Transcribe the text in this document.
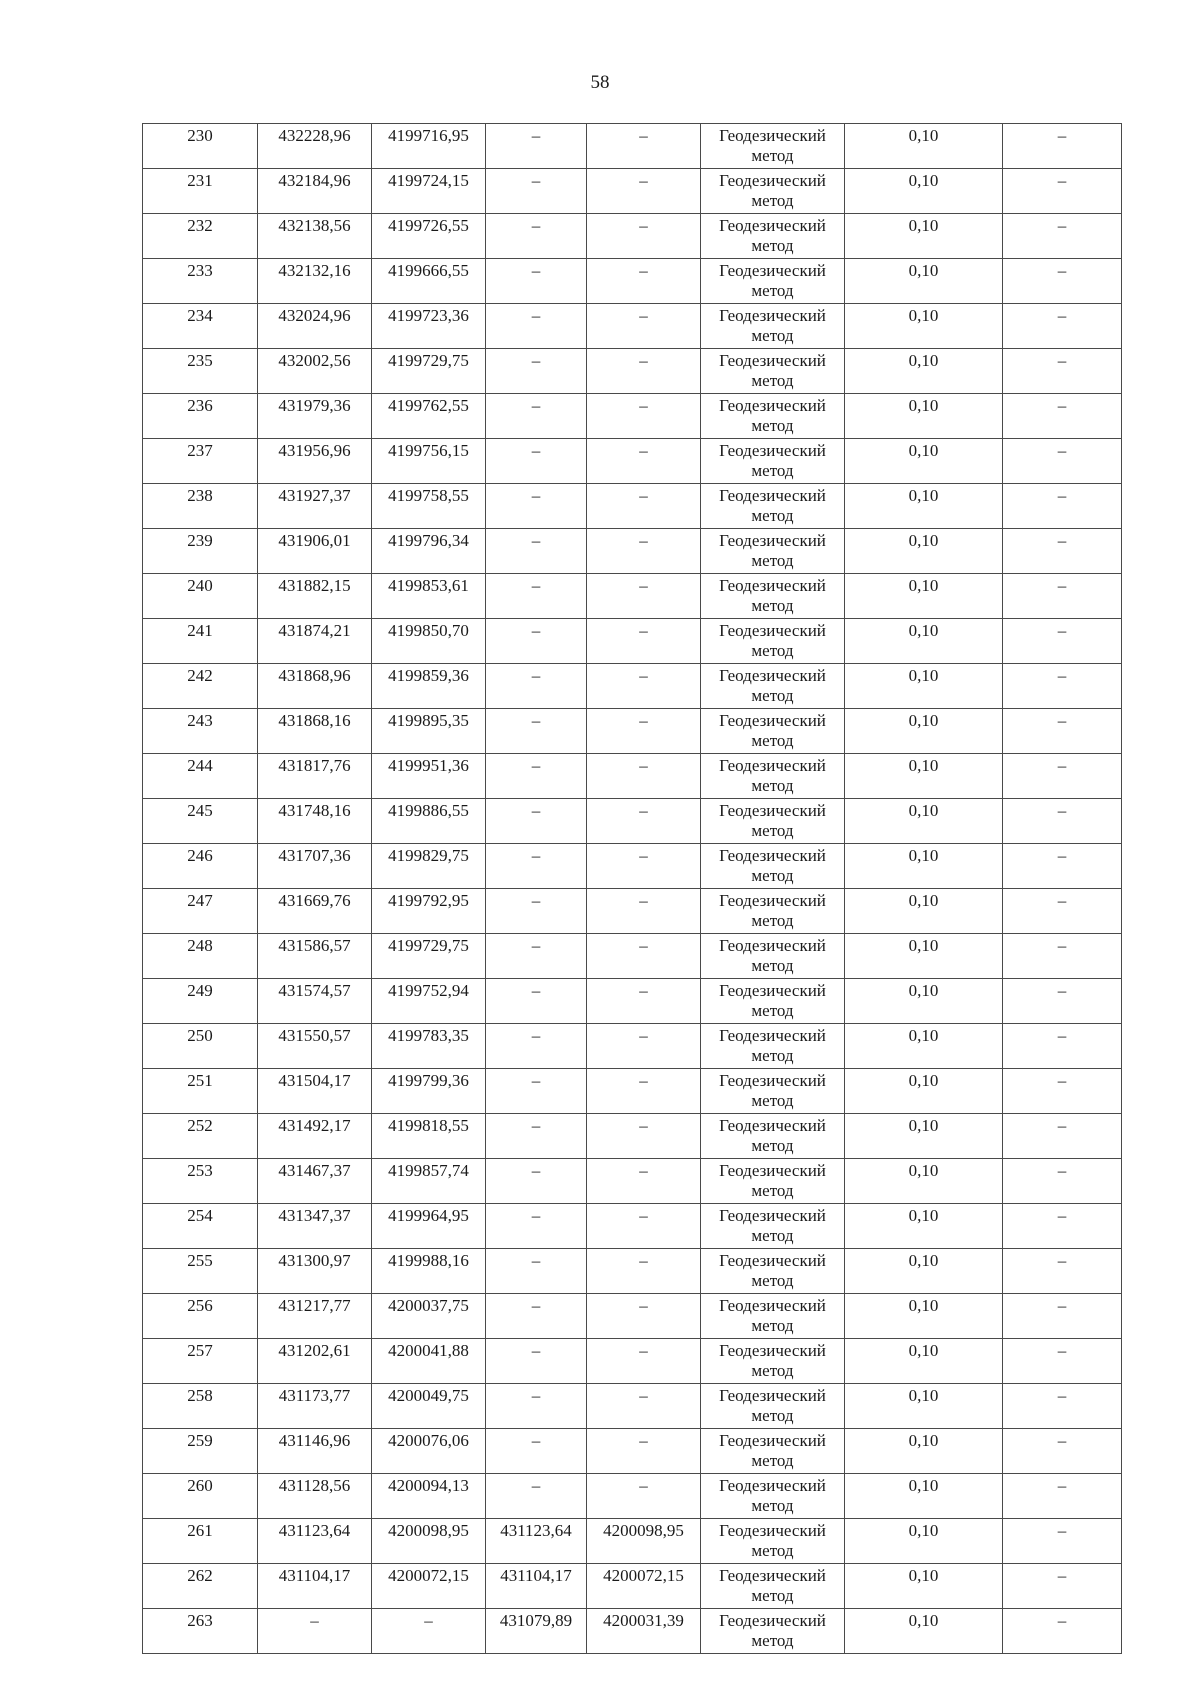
58
230	432228,96	4199716,95	–	–	Геодезический метод	0,10	–
231	432184,96	4199724,15	–	–	Геодезический метод	0,10	–
232	432138,56	4199726,55	–	–	Геодезический метод	0,10	–
233	432132,16	4199666,55	–	–	Геодезический метод	0,10	–
234	432024,96	4199723,36	–	–	Геодезический метод	0,10	–
235	432002,56	4199729,75	–	–	Геодезический метод	0,10	–
236	431979,36	4199762,55	–	–	Геодезический метод	0,10	–
237	431956,96	4199756,15	–	–	Геодезический метод	0,10	–
238	431927,37	4199758,55	–	–	Геодезический метод	0,10	–
239	431906,01	4199796,34	–	–	Геодезический метод	0,10	–
240	431882,15	4199853,61	–	–	Геодезический метод	0,10	–
241	431874,21	4199850,70	–	–	Геодезический метод	0,10	–
242	431868,96	4199859,36	–	–	Геодезический метод	0,10	–
243	431868,16	4199895,35	–	–	Геодезический метод	0,10	–
244	431817,76	4199951,36	–	–	Геодезический метод	0,10	–
245	431748,16	4199886,55	–	–	Геодезический метод	0,10	–
246	431707,36	4199829,75	–	–	Геодезический метод	0,10	–
247	431669,76	4199792,95	–	–	Геодезический метод	0,10	–
248	431586,57	4199729,75	–	–	Геодезический метод	0,10	–
249	431574,57	4199752,94	–	–	Геодезический метод	0,10	–
250	431550,57	4199783,35	–	–	Геодезический метод	0,10	–
251	431504,17	4199799,36	–	–	Геодезический метод	0,10	–
252	431492,17	4199818,55	–	–	Геодезический метод	0,10	–
253	431467,37	4199857,74	–	–	Геодезический метод	0,10	–
254	431347,37	4199964,95	–	–	Геодезический метод	0,10	–
255	431300,97	4199988,16	–	–	Геодезический метод	0,10	–
256	431217,77	4200037,75	–	–	Геодезический метод	0,10	–
257	431202,61	4200041,88	–	–	Геодезический метод	0,10	–
258	431173,77	4200049,75	–	–	Геодезический метод	0,10	–
259	431146,96	4200076,06	–	–	Геодезический метод	0,10	–
260	431128,56	4200094,13	–	–	Геодезический метод	0,10	–
261	431123,64	4200098,95	431123,64	4200098,95	Геодезический метод	0,10	–
262	431104,17	4200072,15	431104,17	4200072,15	Геодезический метод	0,10	–
263	–	–	431079,89	4200031,39	Геодезический метод	0,10	–
